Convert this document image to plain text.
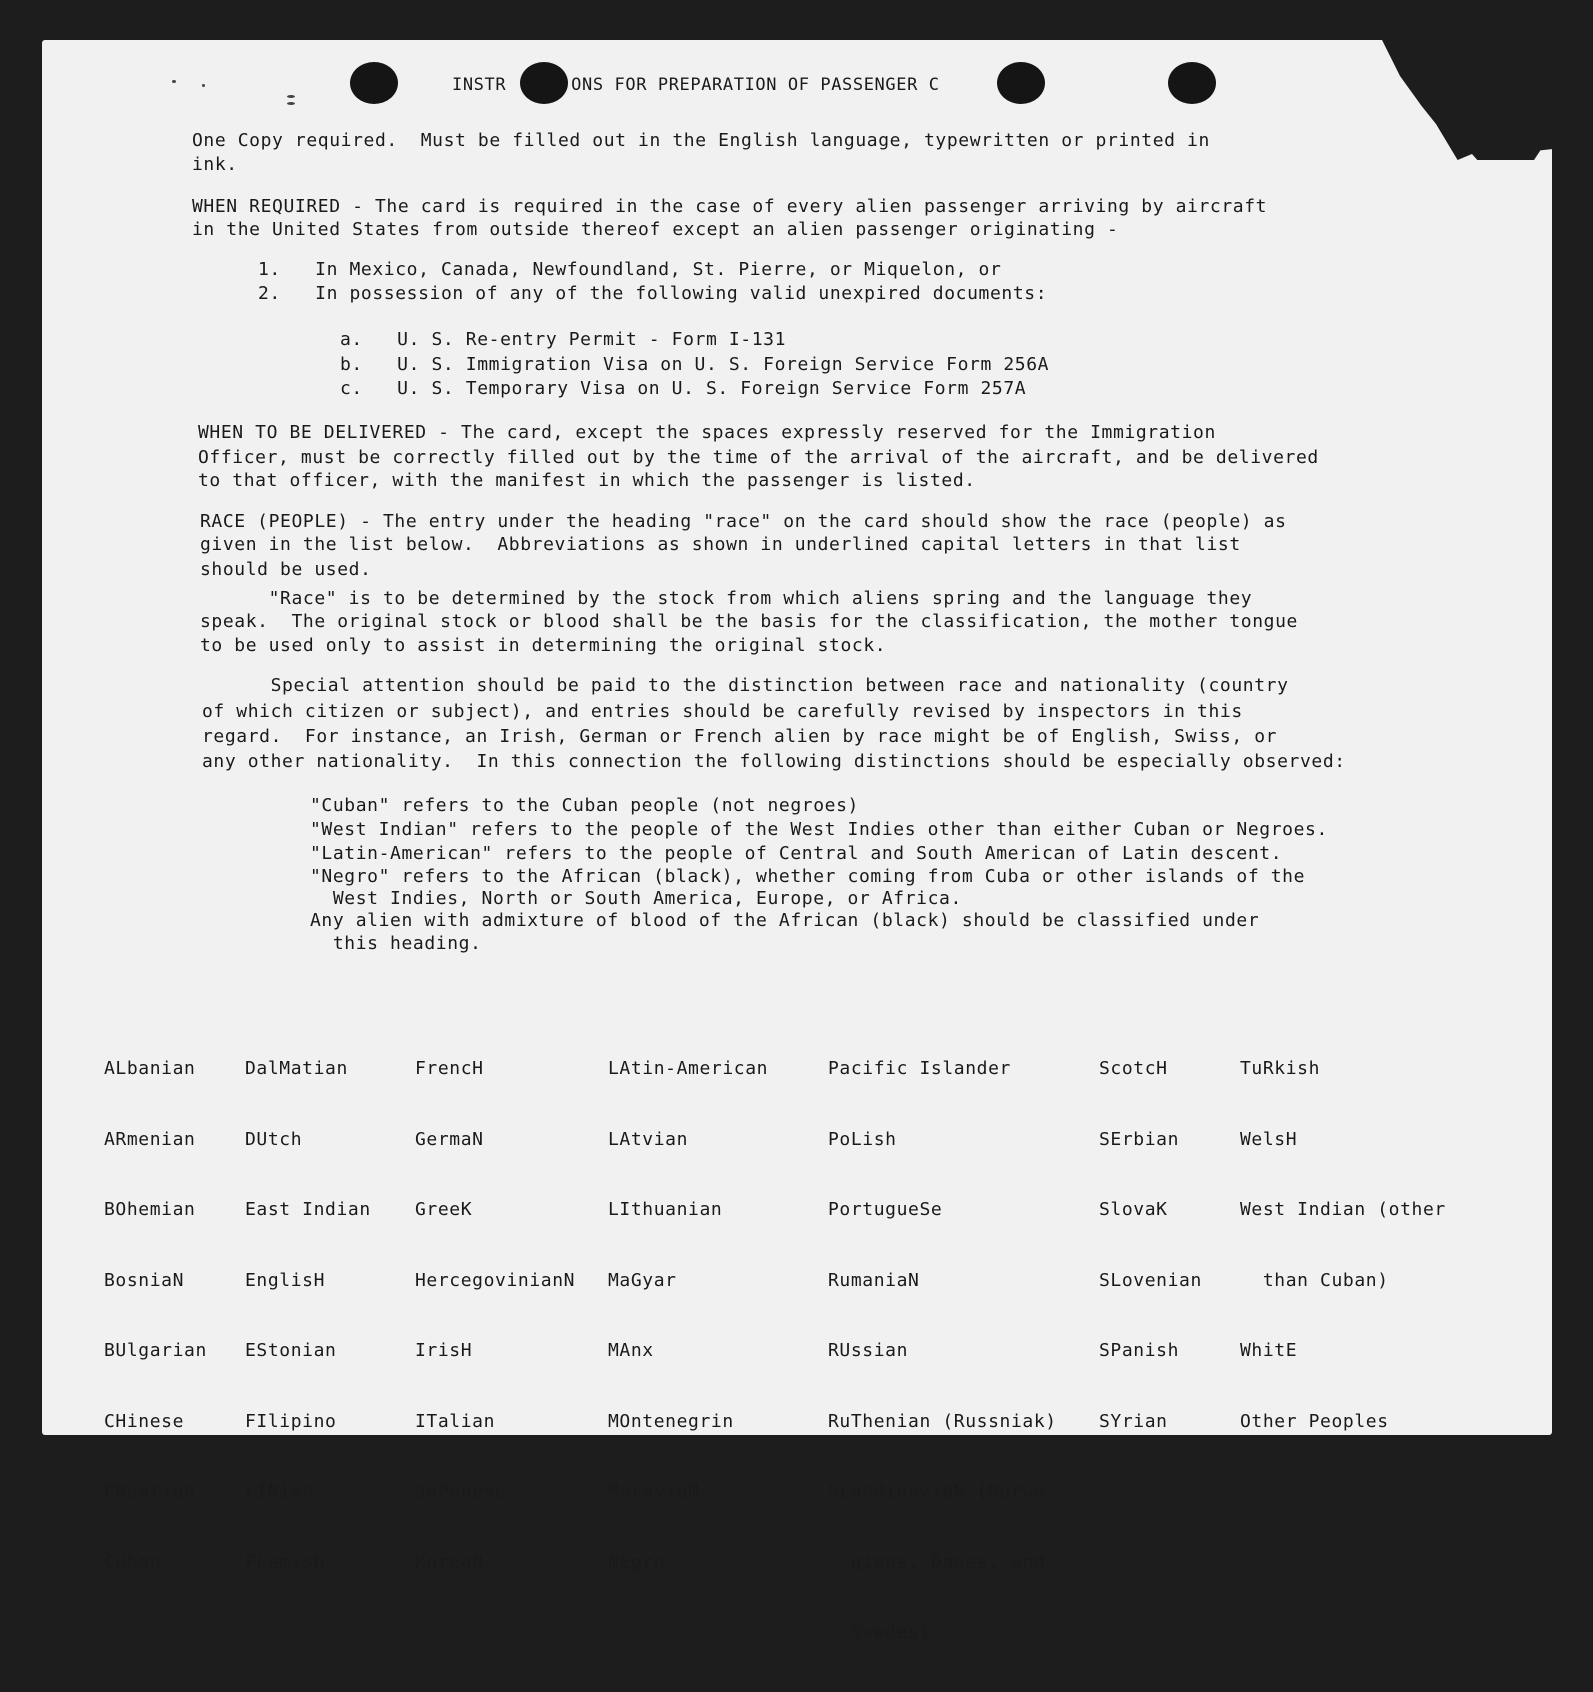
INSTR      ONS FOR PREPARATION OF PASSENGER C
One Copy required.  Must be filled out in the English language, typewritten or printed in
ink.
WHEN REQUIRED - The card is required in the case of every alien passenger arriving by aircraft
in the United States from outside thereof except an alien passenger originating -
1.   In Mexico, Canada, Newfoundland, St. Pierre, or Miquelon, or
2.   In possession of any of the following valid unexpired documents:
a.   U. S. Re-entry Permit - Form I-131
b.   U. S. Immigration Visa on U. S. Foreign Service Form 256A
c.   U. S. Temporary Visa on U. S. Foreign Service Form 257A
WHEN TO BE DELIVERED - The card, except the spaces expressly reserved for the Immigration
Officer, must be correctly filled out by the time of the arrival of the aircraft, and be delivered
to that officer, with the manifest in which the passenger is listed.
RACE (PEOPLE) - The entry under the heading "race" on the card should show the race (people) as
given in the list below.  Abbreviations as shown in underlined capital letters in that list
should be used.
"Race" is to be determined by the stock from which aliens spring and the language they
speak.  The original stock or blood shall be the basis for the classification, the mother tongue
to be used only to assist in determining the original stock.
Special attention should be paid to the distinction between race and nationality (country
of which citizen or subject), and entries should be carefully revised by inspectors in this
regard.  For instance, an Irish, German or French alien by race might be of English, Swiss, or
any other nationality.  In this connection the following distinctions should be especially observed:
"Cuban" refers to the Cuban people (not negroes)
"West Indian" refers to the people of the West Indies other than either Cuban or Negroes.
"Latin-American" refers to the people of Central and South American of Latin descent.
"Negro" refers to the African (black), whether coming from Cuba or other islands of the
West Indies, North or South America, Europe, or Africa.
Any alien with admixture of blood of the African (black) should be classified under
this heading.

ALbanian

ARmenian

BOhemian

BosniaN

BUlgarian

CHinese

CRoatian

CUban

DalMatian

DUtch

East Indian

EnglisH

EStonian

FIlipino

FINish

FLemish

FrencH

GermaN

GreeK

HercegovinianN

IrisH

ITalian

JaPanese

KoreaN

LAtin-American

LAtvian

LIthuanian

MaGyar

MAnx

MOntenegrin

MoraviaN

NEgro

Pacific Islander

PoLish

PortugueSe

RumaniaN

RUssian

RuThenian (Russniak)

ScandinaviaN (Norwe-

gians, Danes, and

Swedes)

ScotcH

SErbian

SlovaK

SLovenian

SPanish

SYrian

TuRkish

WelsH

West Indian (other

than Cuban)

WhitE

Other Peoples
